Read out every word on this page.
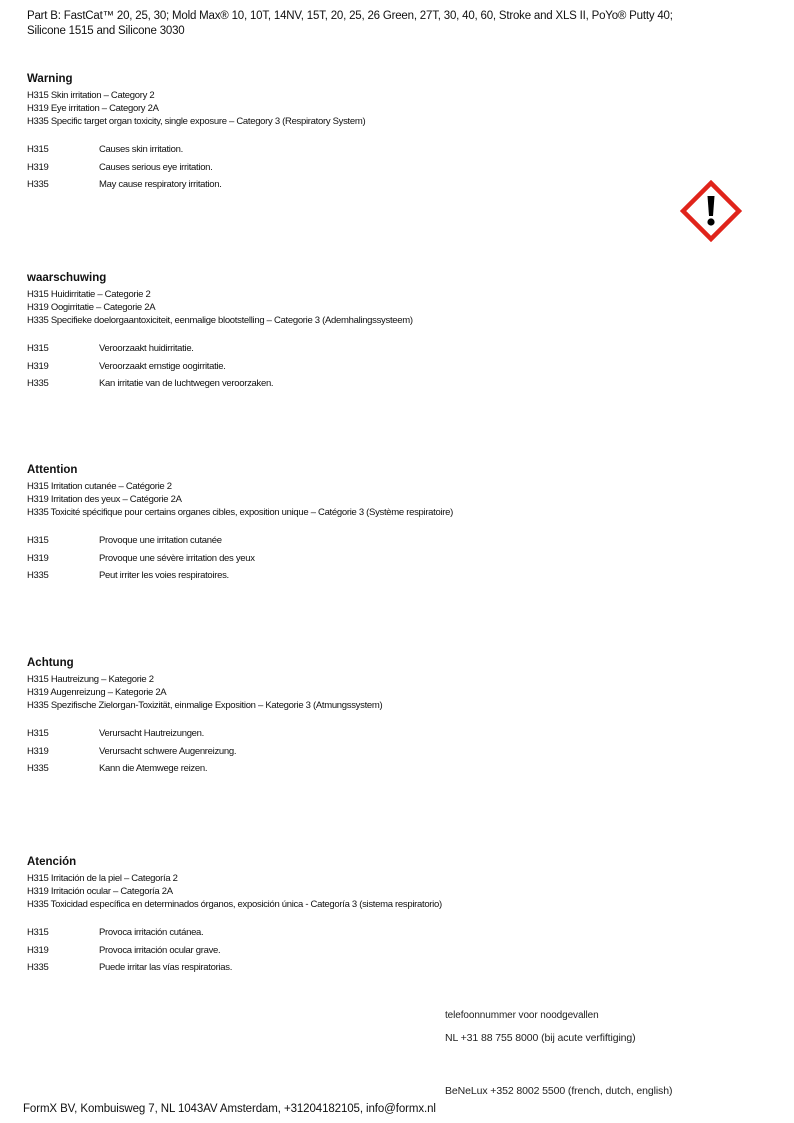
Part B: FastCat™ 20, 25, 30; Mold Max® 10, 10T, 14NV, 15T, 20, 25, 26 Green, 27T, 30, 40, 60, Stroke and XLS II, PoYo® Putty 40;
Silicone 1515 and Silicone 3030
Warning
H315 Skin irritation – Category 2
H319 Eye irritation – Category 2A
H335 Specific target organ toxicity, single exposure – Category 3 (Respiratory System)
H315	Causes skin irritation.
H319	Causes serious eye irritation.
H335	May cause respiratory irritation.
waarschuwing
H315 Huidirritatie – Categorie 2
H319 Oogirritatie – Categorie 2A
H335 Specifieke doelorgaantoxiciteit, eenmalige blootstelling – Categorie 3 (Ademhalingssysteem)
H315	Veroorzaakt huidirritatie.
H319	Veroorzaakt ernstige oogirritatie.
H335	Kan irritatie van de luchtwegen veroorzaken.
Attention
H315 Irritation cutanée – Catégorie 2
H319 Irritation des yeux – Catégorie 2A
H335 Toxicité spécifique pour certains organes cibles, exposition unique – Catégorie 3 (Système respiratoire)
H315	Provoque une irritation cutanée
H319	Provoque une sévère irritation des yeux
H335	Peut irriter les voies respiratoires.
Achtung
H315 Hautreizung – Kategorie 2
H319 Augenreizung – Kategorie 2A
H335 Spezifische Zielorgan-Toxizität, einmalige Exposition – Kategorie 3 (Atmungssystem)
H315	Verursacht Hautreizungen.
H319	Verursacht schwere Augenreizung.
H335	Kann die Atemwege reizen.
Atención
H315 Irritación de la piel – Categoría 2
H319 Irritación ocular – Categoría 2A
H335 Toxicidad específica en determinados órganos, exposición única - Categoría 3 (sistema respiratorio)
H315	Provoca irritación cutánea.
H319	Provoca irritación ocular grave.
H335	Puede irritar las vías respiratorias.
telefoonnummer voor noodgevallen
NL +31 88 755 8000 (bij acute verfiftiging)
BeNeLux +352 8002 5500 (french, dutch, english)
FormX BV, Kombuisweg 7, NL 1043AV Amsterdam, +31204182105, info@formx.nl
